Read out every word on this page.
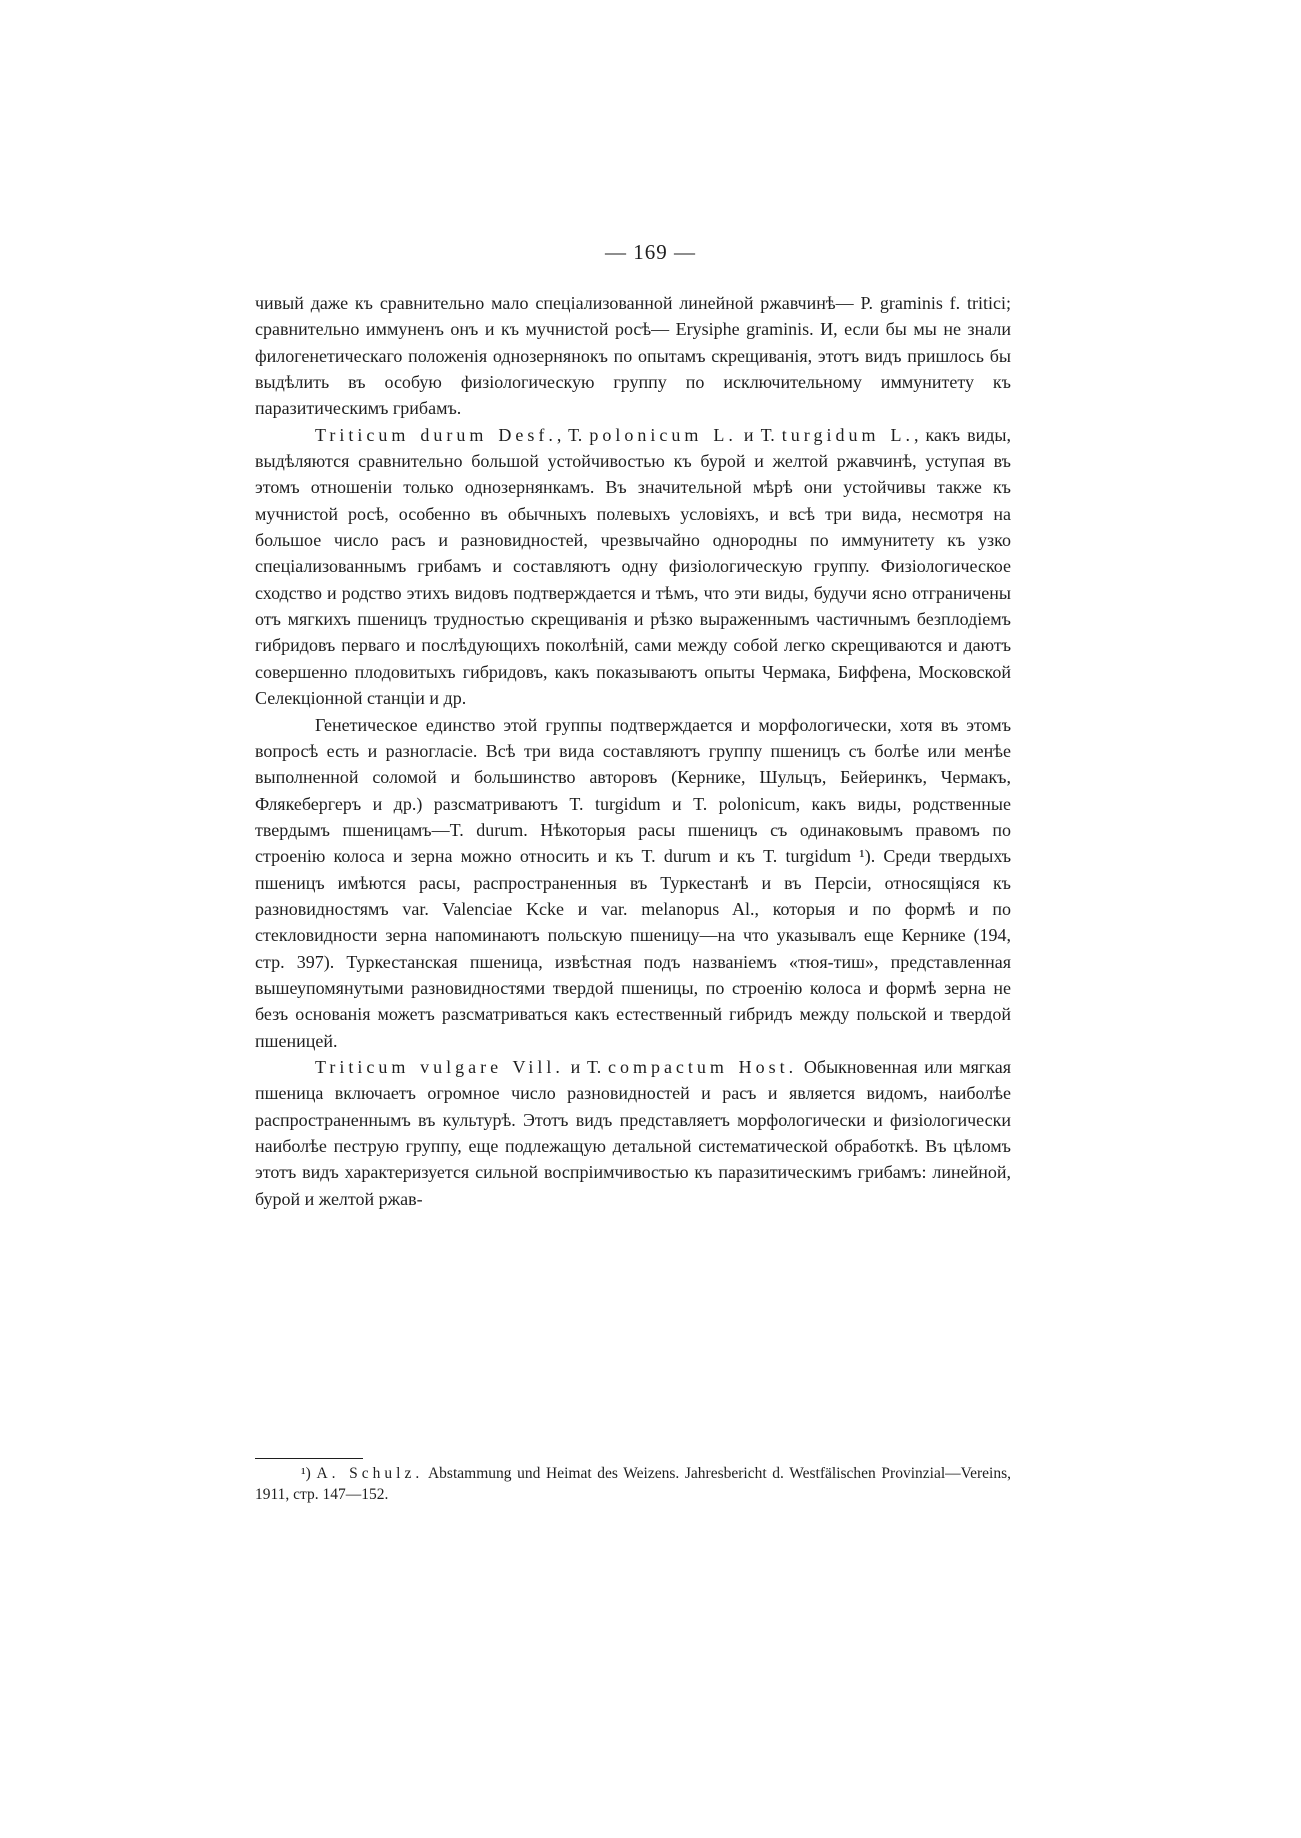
— 169 —

чивый даже къ сравнительно мало спеціализованной линейной ржавчинѣ— P. graminis f. tritici; сравнительно иммуненъ онъ и къ мучнистой росѣ— Erysiphe graminis. И, если бы мы не знали филогенетическаго положенія однозернянокъ по опытамъ скрещиванія, этотъ видъ пришлось бы выдѣлить въ особую физіологическую группу по исключительному иммунитету къ паразитическимъ грибамъ.

Triticum durum Desf., T. polonicum L. и T. turgidum L., какъ виды, выдѣляются сравнительно большой устойчивостью къ бурой и желтой ржавчинѣ, уступая въ этомъ отношеніи только однозернянкамъ. Въ значительной мѣрѣ они устойчивы также къ мучнистой росѣ, особенно въ обычныхъ полевыхъ условіяхъ, и всѣ три вида, несмотря на большое число расъ и разновидностей, чрезвычайно однородны по иммунитету къ узко спеціализованнымъ грибамъ и составляютъ одну физіологическую группу. Физіологическое сходство и родство этихъ видовъ подтверждается и тѣмъ, что эти виды, будучи ясно отграничены отъ мягкихъ пшеницъ трудностью скрещиванія и рѣзко выраженнымъ частичнымъ безплодіемъ гибридовъ перваго и послѣдующихъ поколѣній, сами между собой легко скрещиваются и даютъ совершенно плодовитыхъ гибридовъ, какъ показываютъ опыты Чермака, Биффена, Московской Селекціонной станціи и др.

Генетическое единство этой группы подтверждается и морфологически, хотя въ этомъ вопросѣ есть и разногласіе. Всѣ три вида составляютъ группу пшеницъ съ болѣе или менѣе выполненной соломой и большинство авторовъ (Кернике, Шульцъ, Бейеринкъ, Чермакъ, Флякебергеръ и др.) разсматриваютъ T. turgidum и T. polonicum, какъ виды, родственные твердымъ пшеницамъ—T. durum. Нѣкоторыя расы пшеницъ съ одинаковымъ правомъ по строенію колоса и зерна можно относить и къ T. durum и къ T. turgidum ¹). Среди твердыхъ пшеницъ имѣются расы, распространенныя въ Туркестанѣ и въ Персіи, относящіяся къ разновидностямъ var. Valenciae Kcke и var. melanopus Al., которыя и по формѣ и по стекловидности зерна напоминаютъ польскую пшеницу—на что указывалъ еще Кернике (194, стр. 397). Туркестанская пшеница, извѣстная подъ названіемъ «тюя-тиш», представленная вышеупомянутыми разновидностями твердой пшеницы, по строенію колоса и формѣ зерна не безъ основанія можетъ разсматриваться какъ естественный гибридъ между польской и твердой пшеницей.

Triticum vulgare Vill. и T. compactum Host. Обыкновенная или мягкая пшеница включаетъ огромное число разновидностей и расъ и является видомъ, наиболѣе распространеннымъ въ культурѣ. Этотъ видъ представляетъ морфологически и физіологически наиболѣе пеструю группу, еще подлежащую детальной систематической обработкѣ. Въ цѣломъ этотъ видъ характеризуется сильной воспріимчивостью къ паразитическимъ грибамъ: линейной, бурой и желтой ржав-

¹) A. Schulz. Abstammung und Heimat des Weizens. Jahresbericht d. Westfälischen Provinzial—Vereins, 1911, стр. 147—152.
